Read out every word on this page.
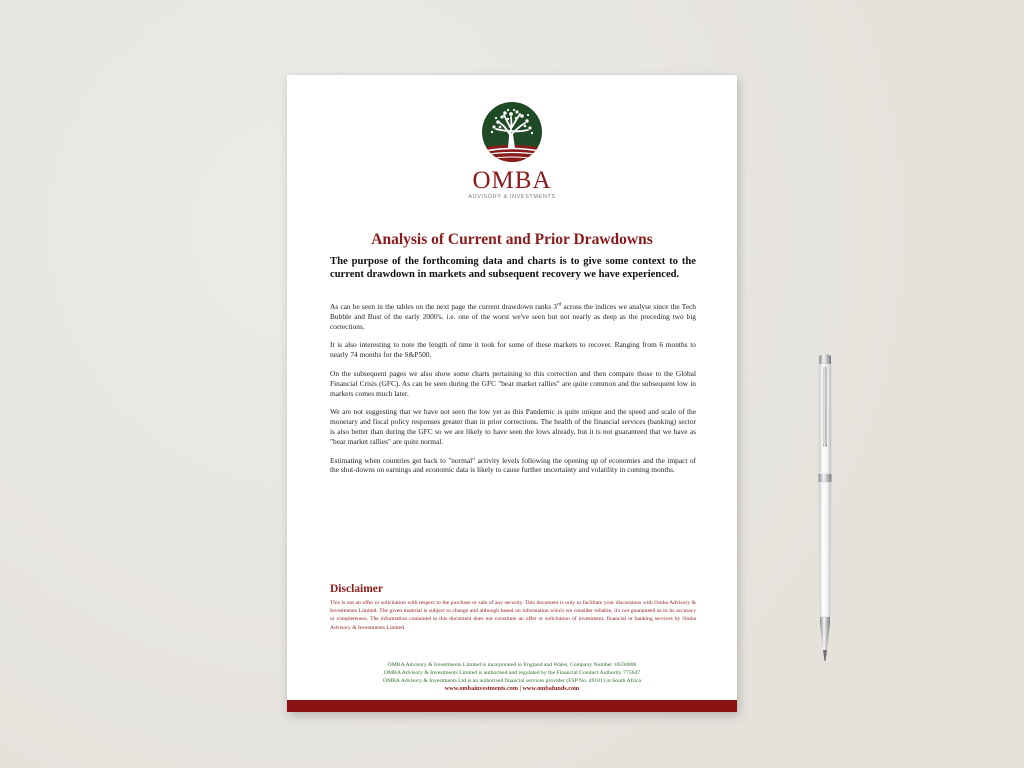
OMBA
ADVISORY & INVESTMENTS
Analysis of Current and Prior Drawdowns
The purpose of the forthcoming data and charts is to give some context to the current drawdown in markets and subsequent recovery we have experienced.

As can be seen in the tables on the next page the current drawdown ranks 3rd across the indices we analyse since the Tech Bubble and Bust of the early 2000's. i.e. one of the worst we've seen but not nearly as deep as the preceding two big corrections.

It is also interesting to note the length of time it took for some of these markets to recover. Ranging from 6 months to nearly 74 months for the S&P500.

On the subsequent pages we also show some charts pertaining to this correction and then compare those to the Global Financial Crisis (GFC). As can be seen during the GFC "bear market rallies" are quite common and the subsequent low in markets comes much later.

We are not suggesting that we have not seen the low yet as this Pandemic is quite unique and the speed and scale of the monetary and fiscal policy responses greater than in prior corrections. The health of the financial services (banking) sector is also better than during the GFC so we are likely to have seen the lows already, but it is not guaranteed that we have as "bear market rallies" are quite normal.

Estimating when countries get back to "normal" activity levels following the opening up of economies and the impact of the shut-downs on earnings and economic data is likely to cause further uncertainty and volatility in coming months.

Disclaimer
This is not an offer or solicitation with respect to the purchase or sale of any security. This document is only to facilitate your discussions with Omba Advisory & Investments Limited. The given material is subject to change and although based on information which we consider reliable, it's not guaranteed as to its accuracy or completeness. The information contained in this document does not constitute an offer or solicitation of investment, financial or banking services by Omba Advisory & Investments Limited.
OMBA Advisory & Investments Limited is incorporated in England and Wales, Company Number 10594806
OMBA Advisory & Investments Limited is authorised and regulated by the Financial Conduct Authority 775647
OMBA Advisory & Investments Ltd is an authorised financial services provider (FSP No. 49101) in South Africa
www.ombainvestments.com | www.ombafunds.com
